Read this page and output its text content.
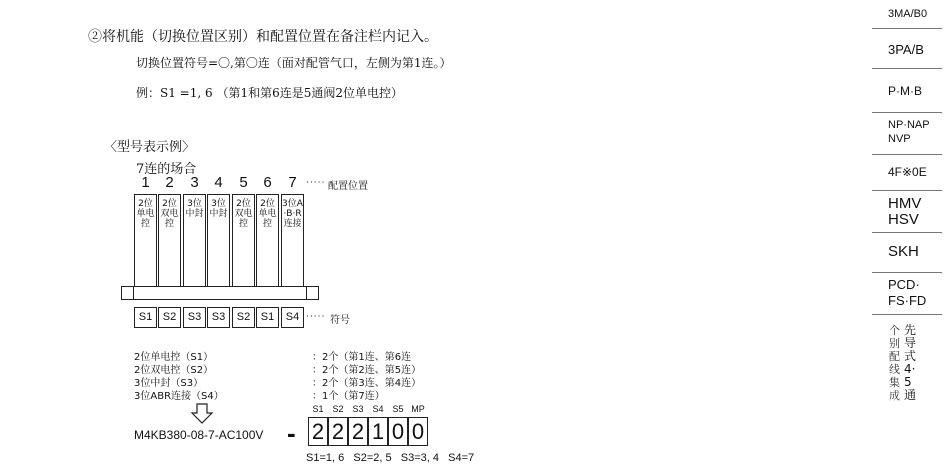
②将机能（切换位置区别）和配置位置在备注栏内记入。
切换位置符号=〇,第〇连（面对配管气口，左侧为第1连。）
例：S1 =1, 6 （第1和第6连是5通阀2位单电控）
〈型号表示例〉
7连的场合
1	2	3	4	5	6	7	····· 配置位置
2位单电控
2位双电控
3位中封
3位中封
2位双电控
2位单电控
3位A·B·R连接
S1 S2	S3 S3	S2 S1	S4 ····· 符号
2位单电控（S1）	：2个（第1连、第6连
2位双电控（S2）	：2个（第2连、第5连）
3位中封（S3）	：2个（第3连、第4连）
3位ABR连接（S4）	：1个（第7连）
M4KB380-08-7-AC100V -
S1 S2 S3 S4 S5 MP
2 2 2 1 0 0
S1=1, 6   S2=2, 5   S3=3, 4   S4=7
3MA/B0
3PA/B
P·M·B
NP·NAP
NVP
4F※0E
HMV
HSV
SKH
PCD·
FS·FD
个别配线集成
先导式4·5通
